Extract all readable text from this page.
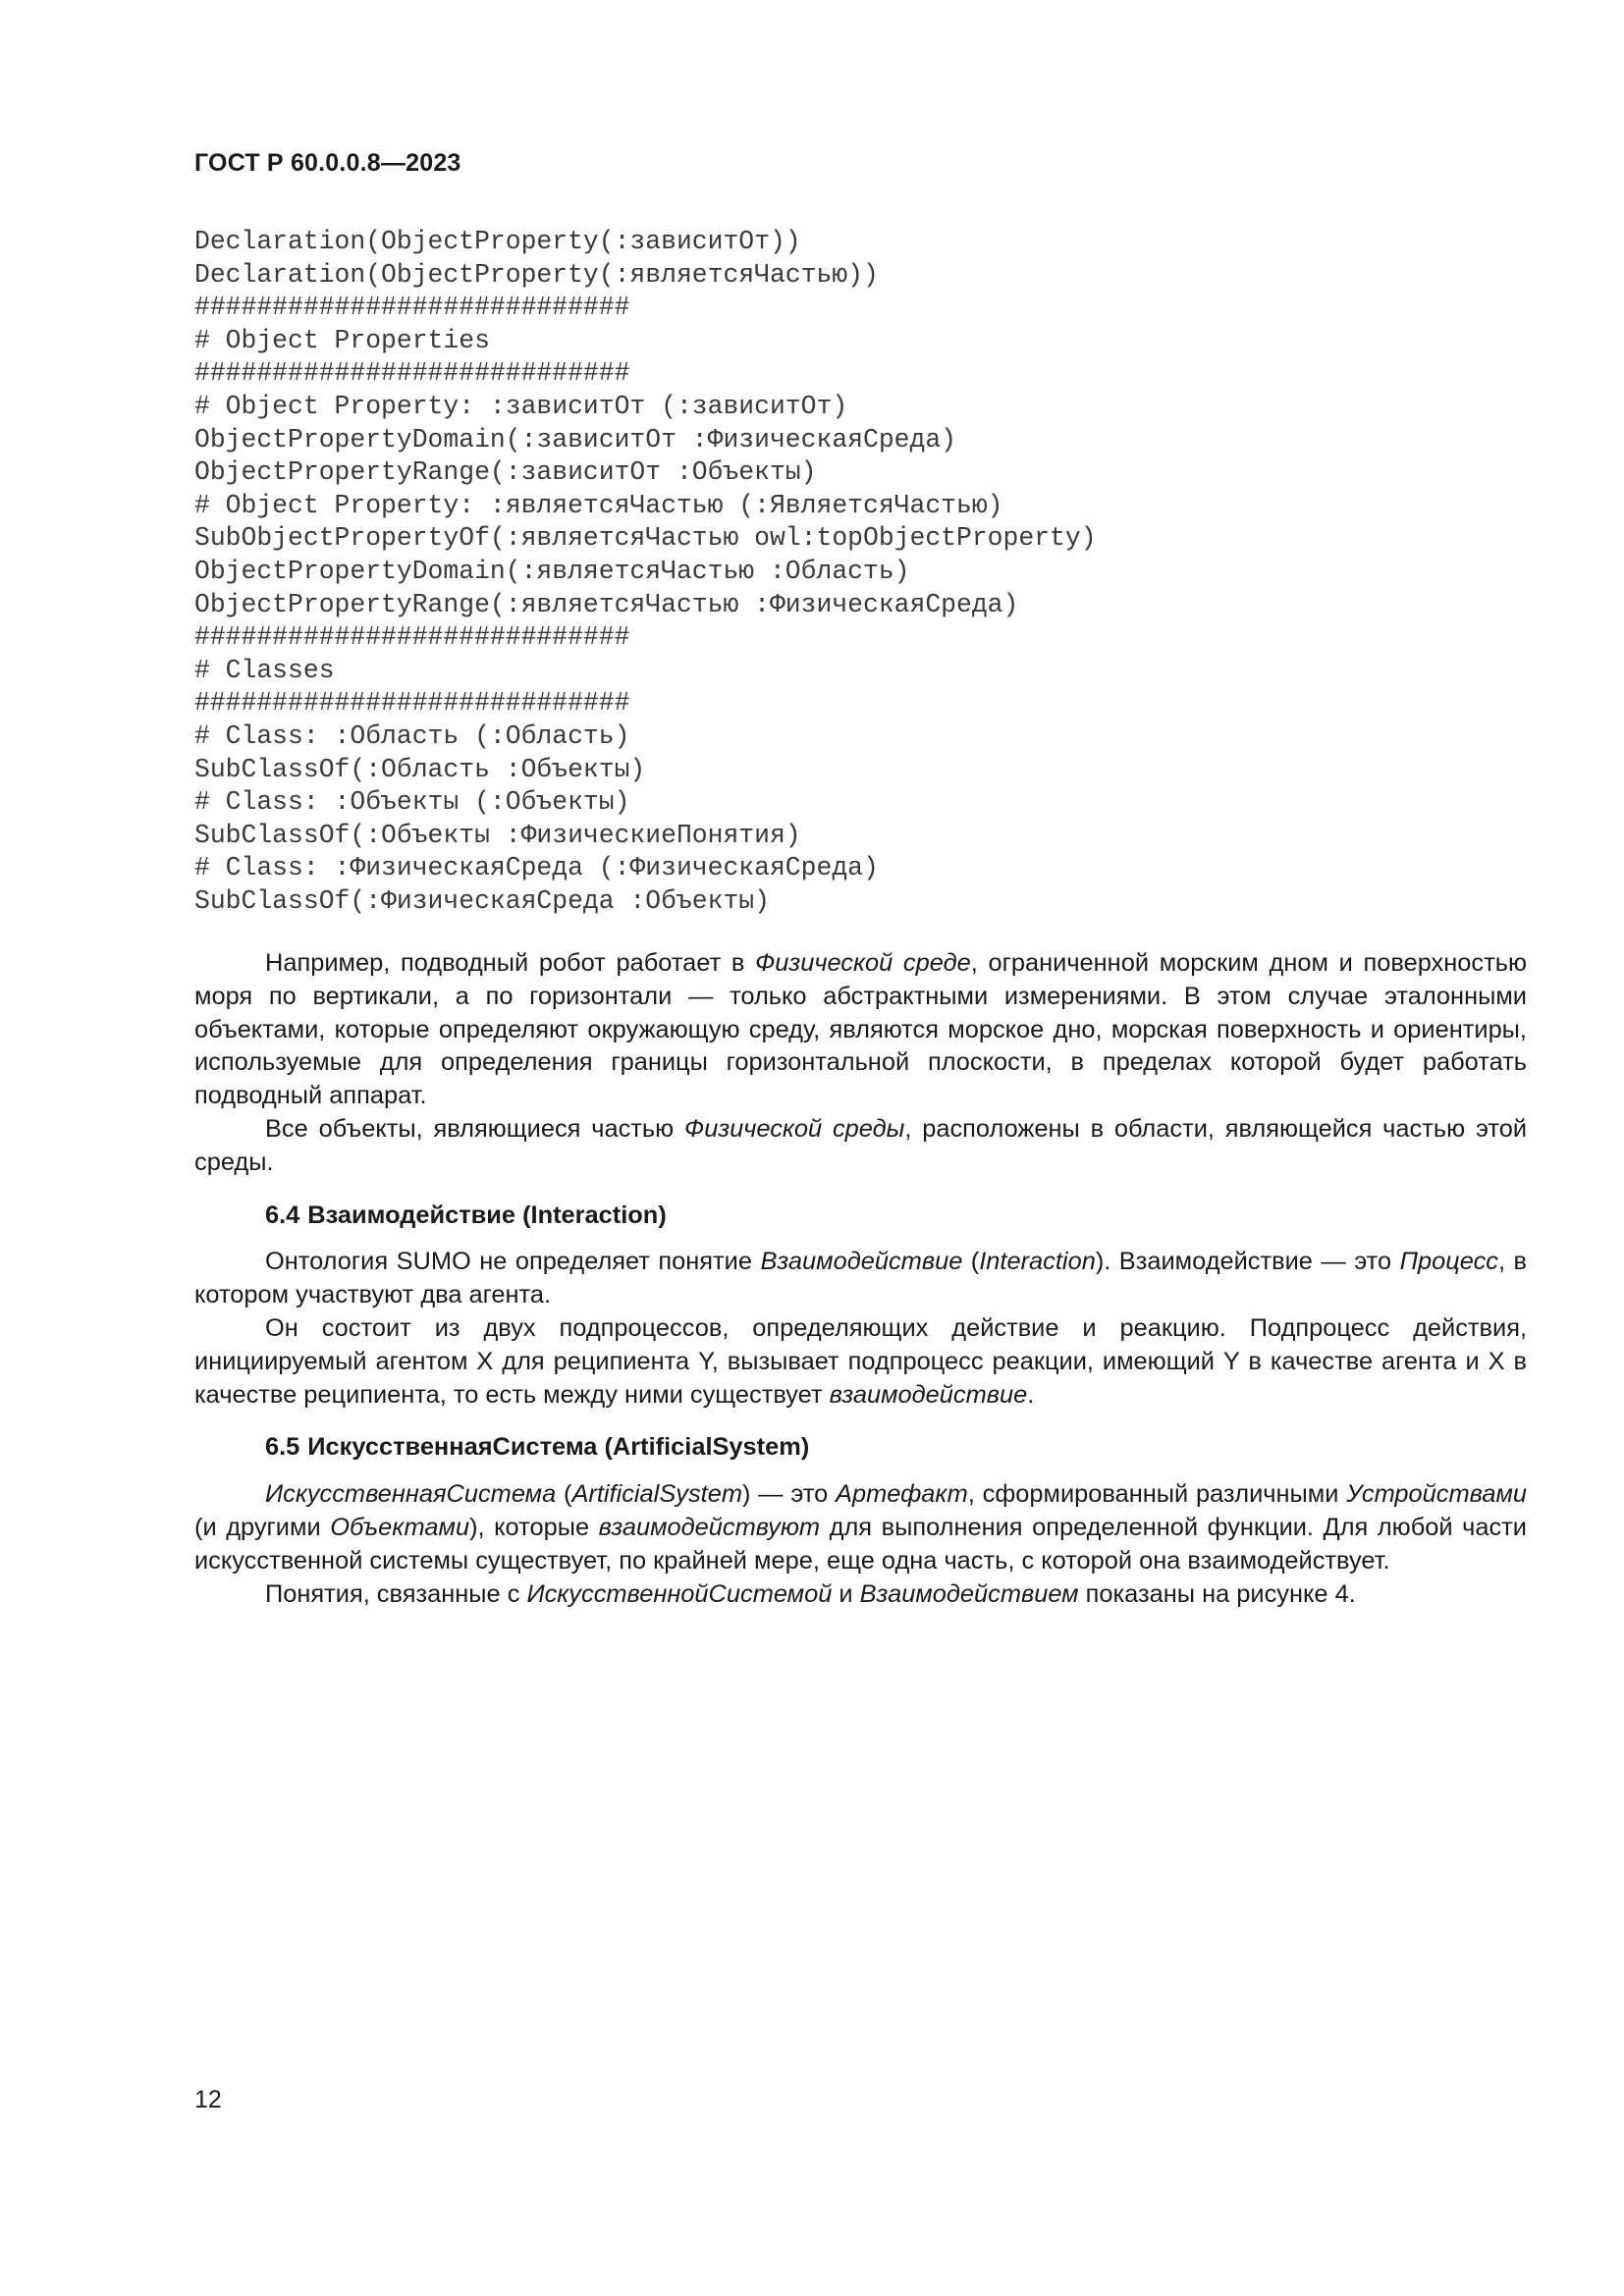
ГОСТ Р 60.0.0.8—2023

Declaration(ObjectProperty(:зависитОт))
Declaration(ObjectProperty(:являетсяЧастью))
############################
# Object Properties
############################
# Object Property: :зависитОт (:зависитОт)
ObjectPropertyDomain(:зависитОт :ФизическаяСреда)
ObjectPropertyRange(:зависитОт :Объекты)
# Object Property: :являетсяЧастью (:ЯвляетсяЧастью)
SubObjectPropertyOf(:являетсяЧастью owl:topObjectProperty)
ObjectPropertyDomain(:являетсяЧастью :Область)
ObjectPropertyRange(:являетсяЧастью :ФизическаяСреда)
############################
# Classes
############################
# Class: :Область (:Область)
SubClassOf(:Область :Объекты)
# Class: :Объекты (:Объекты)
SubClassOf(:Объекты :ФизическиеПонятия)
# Class: :ФизическаяСреда (:ФизическаяСреда)
SubClassOf(:ФизическаяСреда :Объекты)

Например, подводный робот работает в Физической среде, ограниченной морским дном и поверхностью моря по вертикали, а по горизонтали — только абстрактными измерениями. В этом случае эталонными объектами, которые определяют окружающую среду, являются морское дно, морская поверхность и ориентиры, используемые для определения границы горизонтальной плоскости, в пределах которой будет работать подводный аппарат.

Все объекты, являющиеся частью Физической среды, расположены в области, являющейся частью этой среды.

6.4 Взаимодействие (Interaction)

Онтология SUMO не определяет понятие Взаимодействие (Interaction). Взаимодействие — это Процесс, в котором участвуют два агента.

Он состоит из двух подпроцессов, определяющих действие и реакцию. Подпроцесс действия, инициируемый агентом X для реципиента Y, вызывает подпроцесс реакции, имеющий Y в качестве агента и X в качестве реципиента, то есть между ними существует взаимодействие.

6.5 ИскусственнаяСистема (ArtificialSystem)

ИскусственнаяСистема (ArtificialSystem) — это Артефакт, сформированный различными Устройствами (и другими Объектами), которые взаимодействуют для выполнения определенной функции. Для любой части искусственной системы существует, по крайней мере, еще одна часть, с которой она взаимодействует.

Понятия, связанные с ИскусственнойСистемой и Взаимодействием показаны на рисунке 4.

12
